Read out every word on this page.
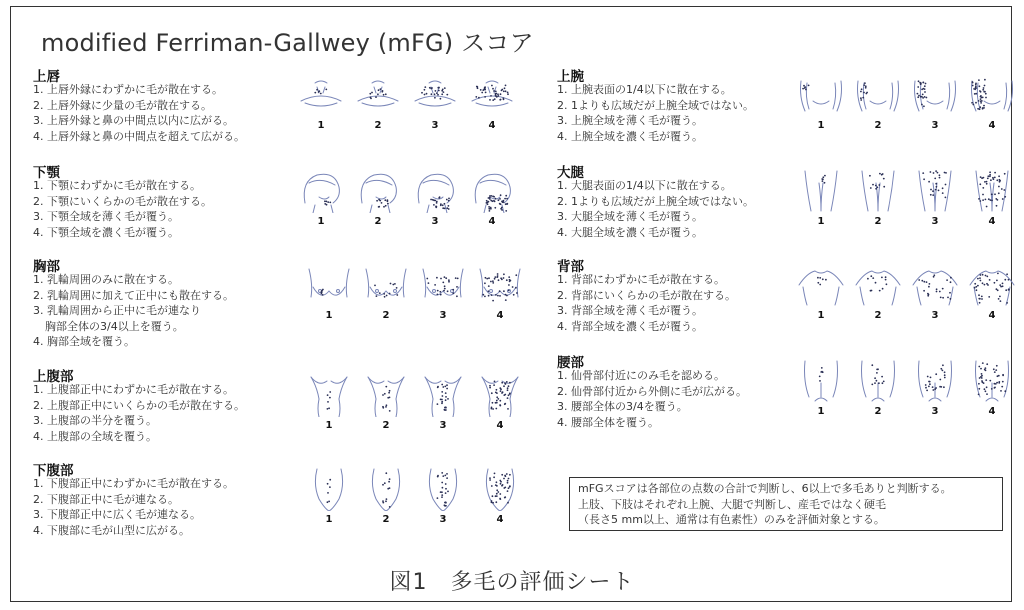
modified Ferriman-Gallwey (mFG) スコア
上唇
1. 上唇外縁にわずかに毛が散在する。
2. 上唇外縁に少量の毛が散在する。
3. 上唇外縁と鼻の中間点以内に広がる。
4. 上唇外縁と鼻の中間点を超えて広がる。
1	2	3	4
下顎
1. 下顎にわずかに毛が散在する。
2. 下顎にいくらかの毛が散在する。
3. 下顎全域を薄く毛が覆う。
4. 下顎全域を濃く毛が覆う。
1	2	3	4
胸部
1. 乳輪周囲のみに散在する。
2. 乳輪周囲に加えて正中にも散在する。
3. 乳輪周囲から正中に毛が連なり
胸部全体の3/4以上を覆う。
4. 胸部全域を覆う。
1	2	3	4
上腹部
1. 上腹部正中にわずかに毛が散在する。
2. 上腹部正中にいくらかの毛が散在する。
3. 上腹部の半分を覆う。
4. 上腹部の全域を覆う。
1	2	3	4
下腹部
1. 下腹部正中にわずかに毛が散在する。
2. 下腹部正中に毛が連なる。
3. 下腹部正中に広く毛が連なる。
4. 下腹部に毛が山型に広がる。
1	2	3	4
上腕
1. 上腕表面の1/4以下に散在する。
2. 1よりも広域だが上腕全域ではない。
3. 上腕全域を薄く毛が覆う。
4. 上腕全域を濃く毛が覆う。
1	2	3	4
大腿
1. 大腿表面の1/4以下に散在する。
2. 1よりも広域だが上腕全域ではない。
3. 大腿全域を薄く毛が覆う。
4. 大腿全域を濃く毛が覆う。
1	2	3	4
背部
1. 背部にわずかに毛が散在する。
2. 背部にいくらかの毛が散在する。
3. 背部全域を薄く毛が覆う。
4. 背部全域を濃く毛が覆う。
1	2	3	4
腰部
1. 仙骨部付近にのみ毛を認める。
2. 仙骨部付近から外側に毛が広がる。
3. 腰部全体の3/4を覆う。
4. 腰部全体を覆う。
1	2	3	4

mFGスコアは各部位の点数の合計で判断し、6以上で多毛ありと判断する。

上肢、下肢はそれぞれ上腕、大腿で判断し、産毛ではなく硬毛

（長さ5 mm以上、通常は有色素性）のみを評価対象とする。

図1　多毛の評価シート
